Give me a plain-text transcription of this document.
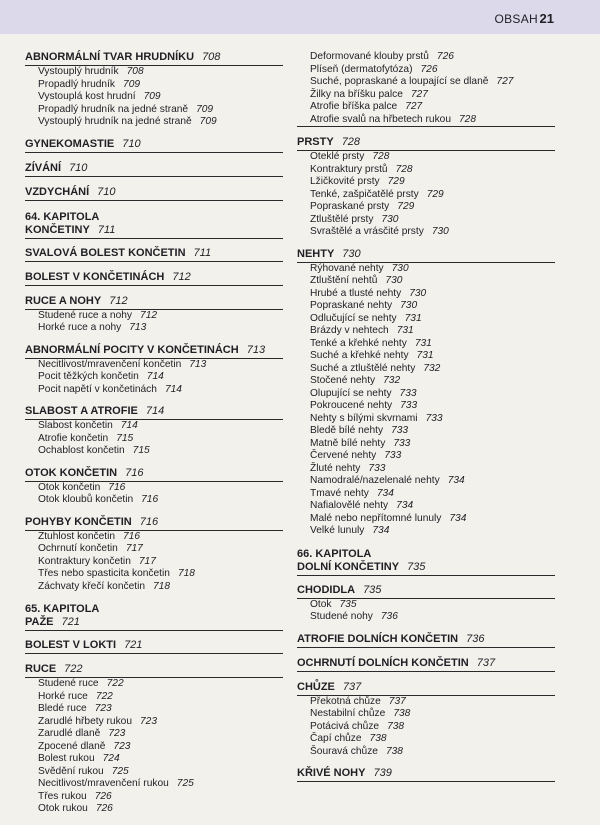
OBSAH 21
ABNORMÁLNÍ TVAR HRUDNÍKU 708
Vystouplý hrudník 708
Propadlý hrudník 709
Vystouplá kost hrudní 709
Propadlý hrudník na jedné straně 709
Vystouplý hrudník na jedné straně 709
GYNEKOMASTIE 710
ZÍVÁNÍ 710
VZDYCHÁNÍ 710
64. KAPITOLA
KONČETINY 711
SVALOVÁ BOLEST KONČETIN 711
BOLEST V KONČETINÁCH 712
RUCE A NOHY 712
Studené ruce a nohy 712
Horké ruce a nohy 713
ABNORMÁLNÍ POCITY V KONČETINÁCH 713
Necitlivost/mravenčení končetin 713
Pocit těžkých končetin 714
Pocit napětí v končetinách 714
SLABOST A ATROFIE 714
Slabost končetin 714
Atrofie končetin 715
Ochablost končetin 715
OTOK KONČETIN 716
Otok končetin 716
Otok kloubů končetin 716
POHYBY KONČETIN 716
Ztuhlost končetin 716
Ochrnutí končetin 717
Kontraktury končetin 717
Třes nebo spasticita končetin 718
Záchvaty křečí končetin 718
65. KAPITOLA
PAŽE 721
BOLEST V LOKTI 721
RUCE 722
Studené ruce 722
Horké ruce 722
Bledé ruce 723
Zarudlé hřbety rukou 723
Zarudlé dlaně 723
Zpocené dlaně 723
Bolest rukou 724
Svědění rukou 725
Necitlivost/mravenčení rukou 725
Třes rukou 726
Otok rukou 726
Deformované klouby prstů 726
Plíseň (dermatofytóza) 726
Suché, popraskané a loupající se dlaně 727
Žilky na bříšku palce 727
Atrofie bříška palce 727
Atrofie svalů na hřbetech rukou 728
PRSTY 728
Oteklé prsty 728
Kontraktury prstů 728
Lžičkovité prsty 729
Tenké, zašpičatělé prsty 729
Popraskané prsty 729
Ztluštělé prsty 730
Svraštělé a vrásčité prsty 730
NEHTY 730
Rýhované nehty 730
Ztluštění nehtů 730
Hrubé a tlusté nehty 730
Popraskané nehty 730
Odlučující se nehty 731
Brázdy v nehtech 731
Tenké a křehké nehty 731
Suché a křehké nehty 731
Suché a ztluštělé nehty 732
Stočené nehty 732
Olupující se nehty 733
Pokroucené nehty 733
Nehty s bílými skvrnami 733
Bledě bílé nehty 733
Matně bílé nehty 733
Červené nehty 733
Žluté nehty 733
Namodralé/nazelenalé nehty 734
Tmavé nehty 734
Nafialovělé nehty 734
Malé nebo nepřítomné lunuly 734
Velké lunuly 734
66. KAPITOLA
DOLNÍ KONČETINY 735
CHODIDLA 735
Otok 735
Studené nohy 736
ATROFIE DOLNÍCH KONČETIN 736
OCHRNUTÍ DOLNÍCH KONČETIN 737
CHŮZE 737
Překotná chůze 737
Nestabilní chůze 738
Potácivá chůze 738
Čapí chůze 738
Šouravá chůze 738
KŘIVÉ NOHY 739
